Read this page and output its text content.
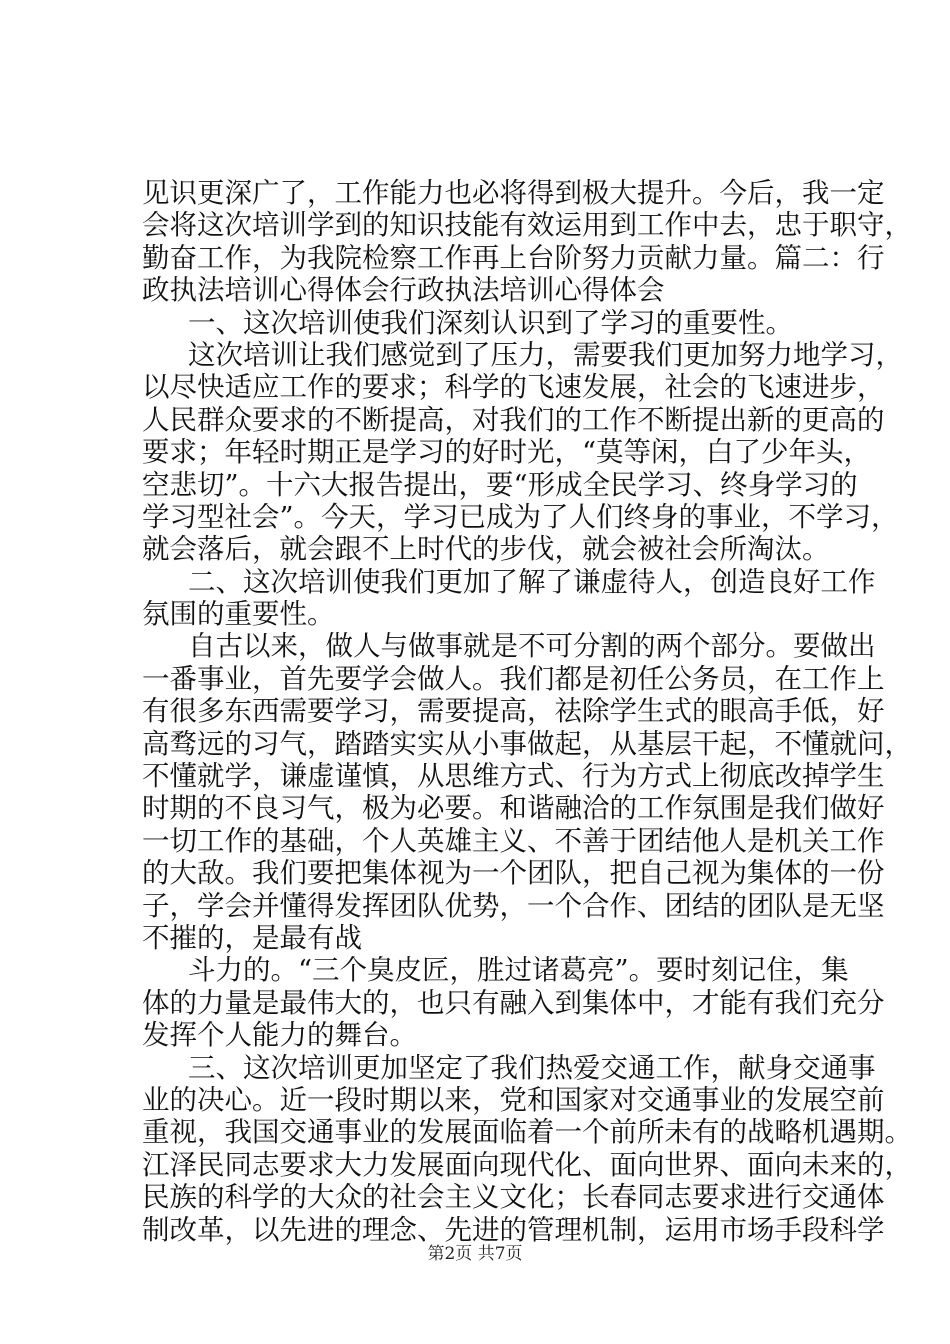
见识更深广了，工作能力也必将得到极大提升。今后，我一定
会将这次培训学到的知识技能有效运用到工作中去，忠于职守，
勤奋工作，为我院检察工作再上台阶努力贡献力量。篇二：行
政执法培训心得体会行政执法培训心得体会
一、这次培训使我们深刻认识到了学习的重要性。
这次培训让我们感觉到了压力，需要我们更加努力地学习，
以尽快适应工作的要求；科学的飞速发展，社会的飞速进步，
人民群众要求的不断提高，对我们的工作不断提出新的更高的
要求；年轻时期正是学习的好时光，“莫等闲，白了少年头，
空悲切”。十六大报告提出，要“形成全民学习、终身学习的
学习型社会”。今天，学习已成为了人们终身的事业，不学习，
就会落后，就会跟不上时代的步伐，就会被社会所淘汰。
二、这次培训使我们更加了解了谦虚待人，创造良好工作
氛围的重要性。
自古以来，做人与做事就是不可分割的两个部分。要做出
一番事业，首先要学会做人。我们都是初任公务员，在工作上
有很多东西需要学习，需要提高，祛除学生式的眼高手低，好
高骛远的习气，踏踏实实从小事做起，从基层干起，不懂就问，
不懂就学，谦虚谨慎，从思维方式、行为方式上彻底改掉学生
时期的不良习气，极为必要。和谐融洽的工作氛围是我们做好
一切工作的基础，个人英雄主义、不善于团结他人是机关工作
的大敌。我们要把集体视为一个团队，把自己视为集体的一份
子，学会并懂得发挥团队优势，一个合作、团结的团队是无坚
不摧的，是最有战
斗力的。“三个臭皮匠，胜过诸葛亮”。要时刻记住，集
体的力量是最伟大的，也只有融入到集体中，才能有我们充分
发挥个人能力的舞台。
三、这次培训更加坚定了我们热爱交通工作，献身交通事
业的决心。近一段时期以来，党和国家对交通事业的发展空前
重视，我国交通事业的发展面临着一个前所未有的战略机遇期。
江泽民同志要求大力发展面向现代化、面向世界、面向未来的，
民族的科学的大众的社会主义文化；长春同志要求进行交通体
制改革，以先进的理念、先进的管理机制，运用市场手段科学
第2页 共7页
